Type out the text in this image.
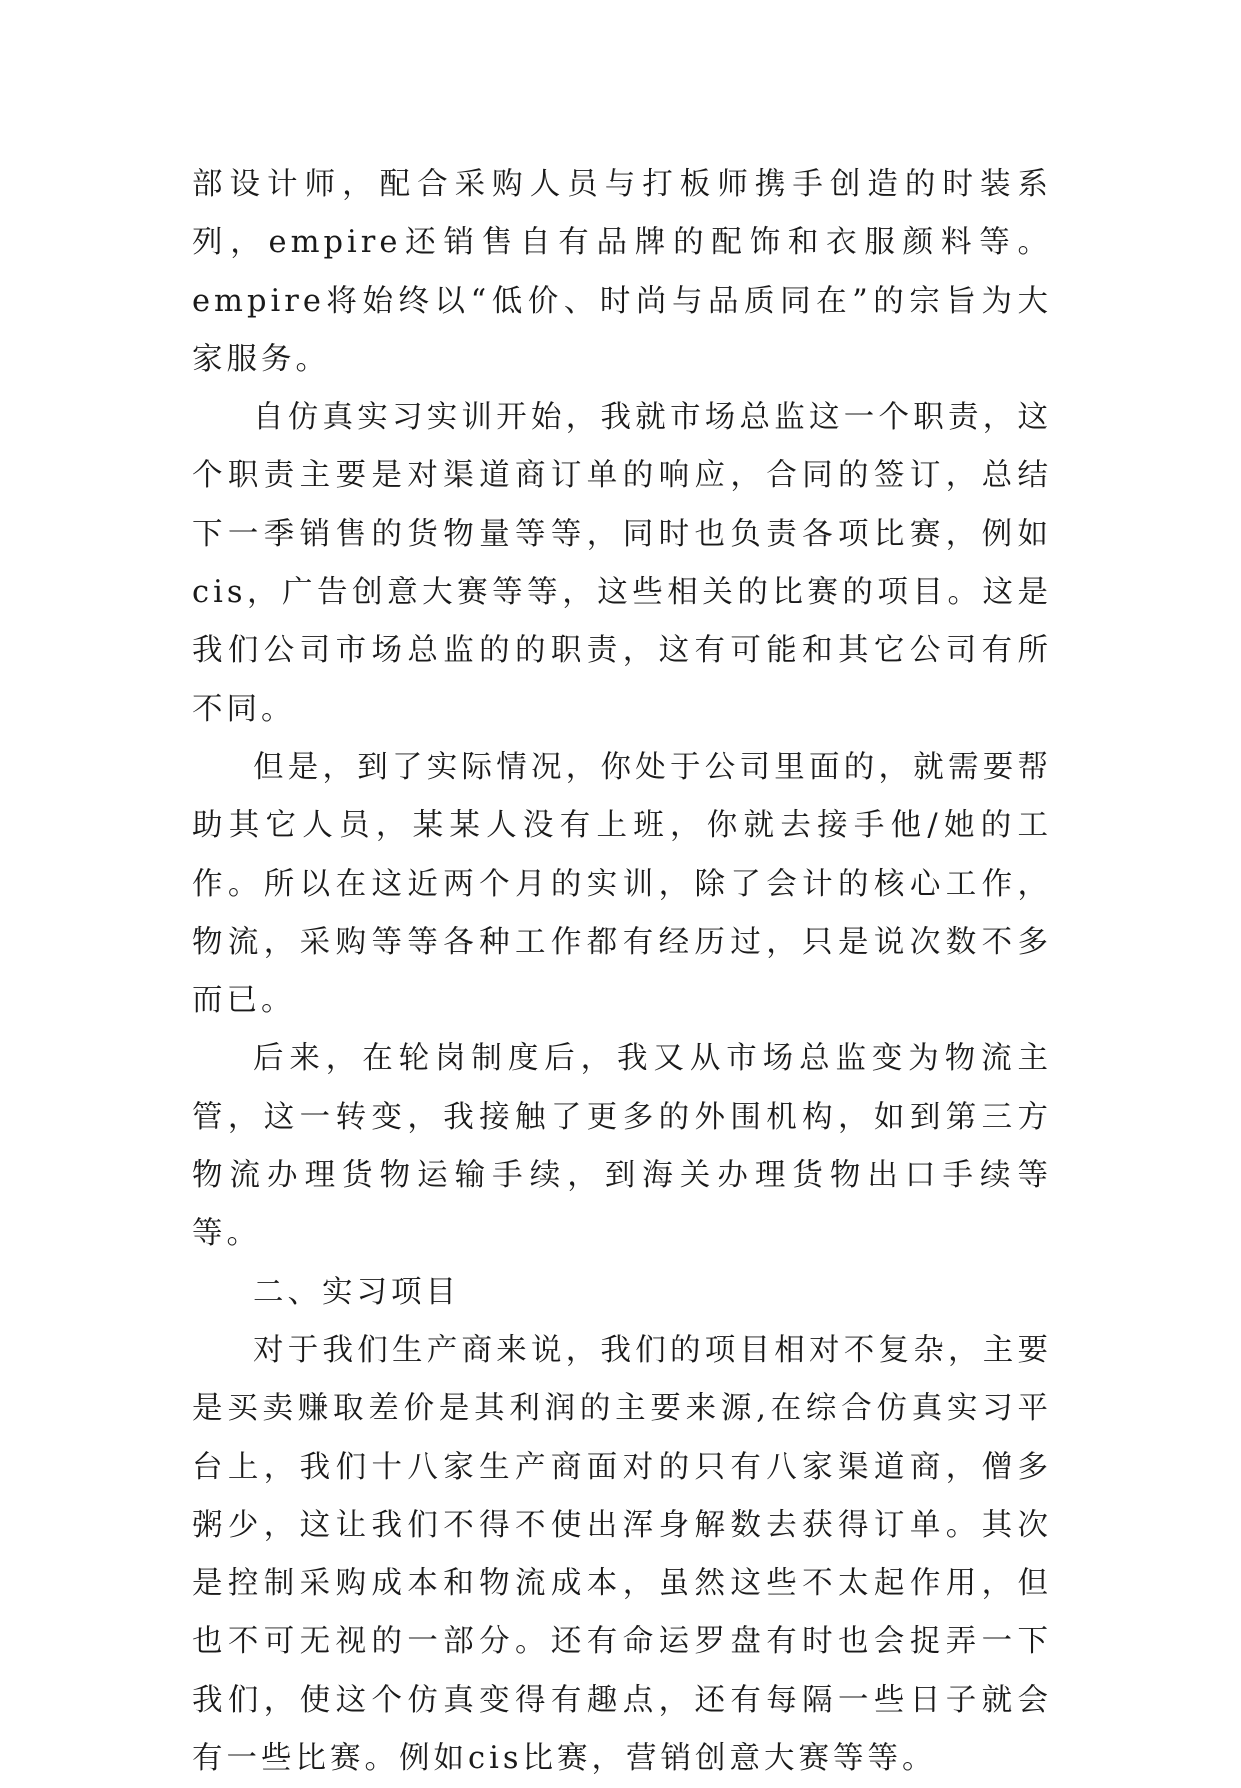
部设计师，配合采购人员与打板师携手创造的时装系列，empire还销售自有品牌的配饰和衣服颜料等。empire将始终以“低价、时尚与品质同在”的宗旨为大家服务。

自仿真实习实训开始，我就市场总监这一个职责，这个职责主要是对渠道商订单的响应，合同的签订，总结下一季销售的货物量等等，同时也负责各项比赛，例如cis，广告创意大赛等等，这些相关的比赛的项目。这是我们公司市场总监的的职责，这有可能和其它公司有所不同。

但是，到了实际情况，你处于公司里面的，就需要帮助其它人员，某某人没有上班，你就去接手他/她的工作。所以在这近两个月的实训，除了会计的核心工作，物流，采购等等各种工作都有经历过，只是说次数不多而已。

后来，在轮岗制度后，我又从市场总监变为物流主管，这一转变，我接触了更多的外围机构，如到第三方物流办理货物运输手续，到海关办理货物出口手续等等。

二、实习项目

对于我们生产商来说，我们的项目相对不复杂，主要是买卖赚取差价是其利润的主要来源,在综合仿真实习平台上，我们十八家生产商面对的只有八家渠道商，僧多粥少，这让我们不得不使出浑身解数去获得订单。其次是控制采购成本和物流成本，虽然这些不太起作用，但也不可无视的一部分。还有命运罗盘有时也会捉弄一下我们，使这个仿真变得有趣点，还有每隔一些日子就会有一些比赛。例如cis比赛，营销创意大赛等等。
